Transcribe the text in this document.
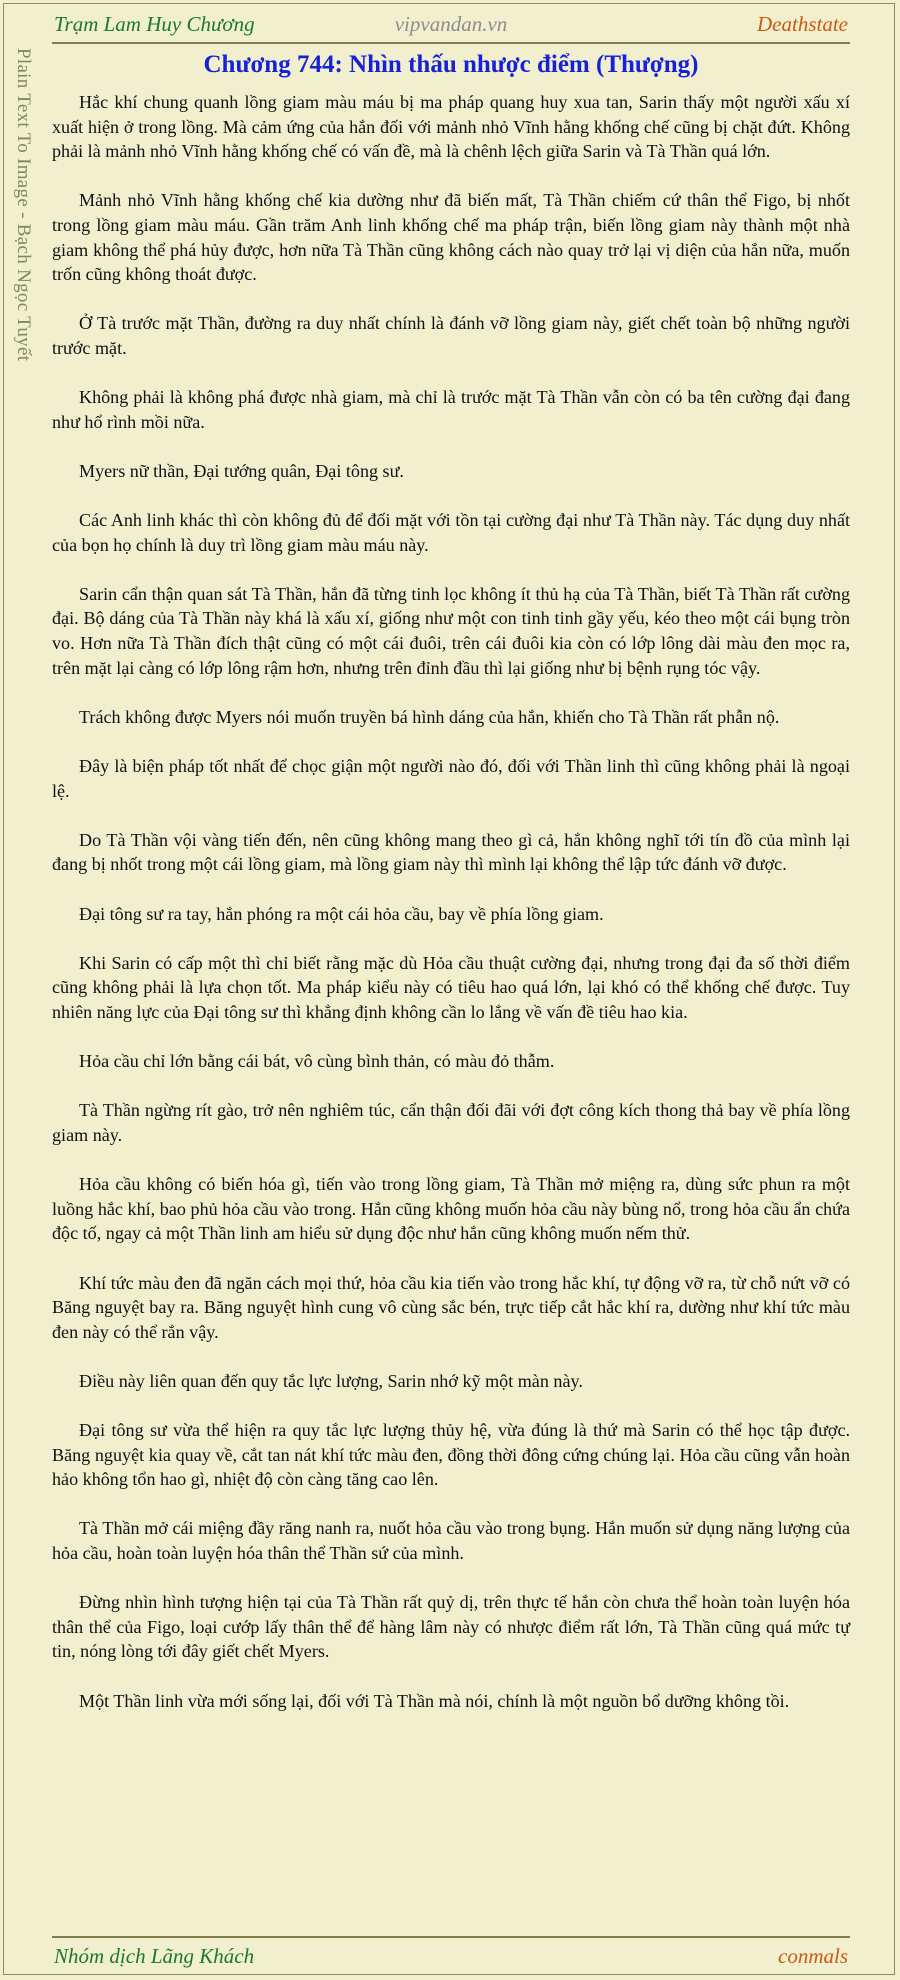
Trạm Lam Huy Chương	vipvandan.vn	Deathstate
Plain Text To Image - Bạch Ngọc Tuyết	Chương 744: Nhìn thấu nhược điểm (Thượng)

Hắc khí chung quanh lồng giam màu máu bị ma pháp quang huy xua tan, Sarin thấy một người xấu xí xuất hiện ở trong lồng. Mà cảm ứng của hắn đối với mảnh nhỏ Vĩnh hằng khống chế cũng bị chặt đứt. Không phải là mảnh nhỏ Vĩnh hằng khống chế có vấn đề, mà là chênh lệch giữa Sarin và Tà Thần quá lớn.

Mảnh nhỏ Vĩnh hằng khống chế kia dường như đã biến mất, Tà Thần chiếm cứ thân thể Figo, bị nhốt trong lồng giam màu máu. Gần trăm Anh linh khống chế ma pháp trận, biến lồng giam này thành một nhà giam không thể phá hủy được, hơn nữa Tà Thần cũng không cách nào quay trở lại vị diện của hắn nữa, muốn trốn cũng không thoát được.

Ở Tà trước mặt Thần, đường ra duy nhất chính là đánh vỡ lồng giam này, giết chết toàn bộ những người trước mặt.

Không phải là không phá được nhà giam, mà chỉ là trước mặt Tà Thần vẫn còn có ba tên cường đại đang như hổ rình mồi nữa.

Myers nữ thần, Đại tướng quân, Đại tông sư.

Các Anh linh khác thì còn không đủ để đối mặt với tồn tại cường đại như Tà Thần này. Tác dụng duy nhất của bọn họ chính là duy trì lồng giam màu máu này.

Sarin cẩn thận quan sát Tà Thần, hắn đã từng tinh lọc không ít thủ hạ của Tà Thần, biết Tà Thần rất cường đại. Bộ dáng của Tà Thần này khá là xấu xí, giống như một con tinh tinh gầy yếu, kéo theo một cái bụng tròn vo. Hơn nữa Tà Thần đích thật cũng có một cái đuôi, trên cái đuôi kia còn có lớp lông dài màu đen mọc ra, trên mặt lại càng có lớp lông rậm hơn, nhưng trên đỉnh đầu thì lại giống như bị bệnh rụng tóc vậy.

Trách không được Myers nói muốn truyền bá hình dáng của hắn, khiến cho Tà Thần rất phẫn nộ.

Đây là biện pháp tốt nhất để chọc giận một người nào đó, đối với Thần linh thì cũng không phải là ngoại lệ.

Do Tà Thần vội vàng tiến đến, nên cũng không mang theo gì cả, hắn không nghĩ tới tín đồ của mình lại đang bị nhốt trong một cái lồng giam, mà lồng giam này thì mình lại không thể lập tức đánh vỡ được.

Đại tông sư ra tay, hắn phóng ra một cái hỏa cầu, bay về phía lồng giam.

Khi Sarin có cấp một thì chỉ biết rằng mặc dù Hỏa cầu thuật cường đại, nhưng trong đại đa số thời điểm cũng không phải là lựa chọn tốt. Ma pháp kiểu này có tiêu hao quá lớn, lại khó có thể khống chế được. Tuy nhiên năng lực của Đại tông sư thì khẳng định không cần lo lắng về vấn đề tiêu hao kia.

Hỏa cầu chỉ lớn bằng cái bát, vô cùng bình thản, có màu đỏ thẫm.

Tà Thần ngừng rít gào, trở nên nghiêm túc, cẩn thận đối đãi với đợt công kích thong thả bay về phía lồng giam này.

Hỏa cầu không có biến hóa gì, tiến vào trong lồng giam, Tà Thần mở miệng ra, dùng sức phun ra một luồng hắc khí, bao phủ hỏa cầu vào trong. Hắn cũng không muốn hỏa cầu này bùng nổ, trong hỏa cầu ẩn chứa độc tố, ngay cả một Thần linh am hiểu sử dụng độc như hắn cũng không muốn nếm thử.

Khí tức màu đen đã ngăn cách mọi thứ, hỏa cầu kia tiến vào trong hắc khí, tự động vỡ ra, từ chỗ nứt vỡ có Băng nguyệt bay ra. Băng nguyệt hình cung vô cùng sắc bén, trực tiếp cắt hắc khí ra, dường như khí tức màu đen này có thể rắn vậy.

Điều này liên quan đến quy tắc lực lượng, Sarin nhớ kỹ một màn này.

Đại tông sư vừa thể hiện ra quy tắc lực lượng thủy hệ, vừa đúng là thứ mà Sarin có thể học tập được. Băng nguyệt kia quay về, cắt tan nát khí tức màu đen, đồng thời đông cứng chúng lại. Hỏa cầu cũng vẫn hoàn hảo không tổn hao gì, nhiệt độ còn càng tăng cao lên.

Tà Thần mở cái miệng đầy răng nanh ra, nuốt hỏa cầu vào trong bụng. Hắn muốn sử dụng năng lượng của hỏa cầu, hoàn toàn luyện hóa thân thể Thần sứ của mình.

Đừng nhìn hình tượng hiện tại của Tà Thần rất quỷ dị, trên thực tế hắn còn chưa thể hoàn toàn luyện hóa thân thể của Figo, loại cướp lấy thân thể để hàng lâm này có nhược điểm rất lớn, Tà Thần cũng quá mức tự tin, nóng lòng tới đây giết chết Myers.

Một Thần linh vừa mới sống lại, đối với Tà Thần mà nói, chính là một nguồn bổ dưỡng không tồi.

Nhóm dịch Lãng Khách	conmals
